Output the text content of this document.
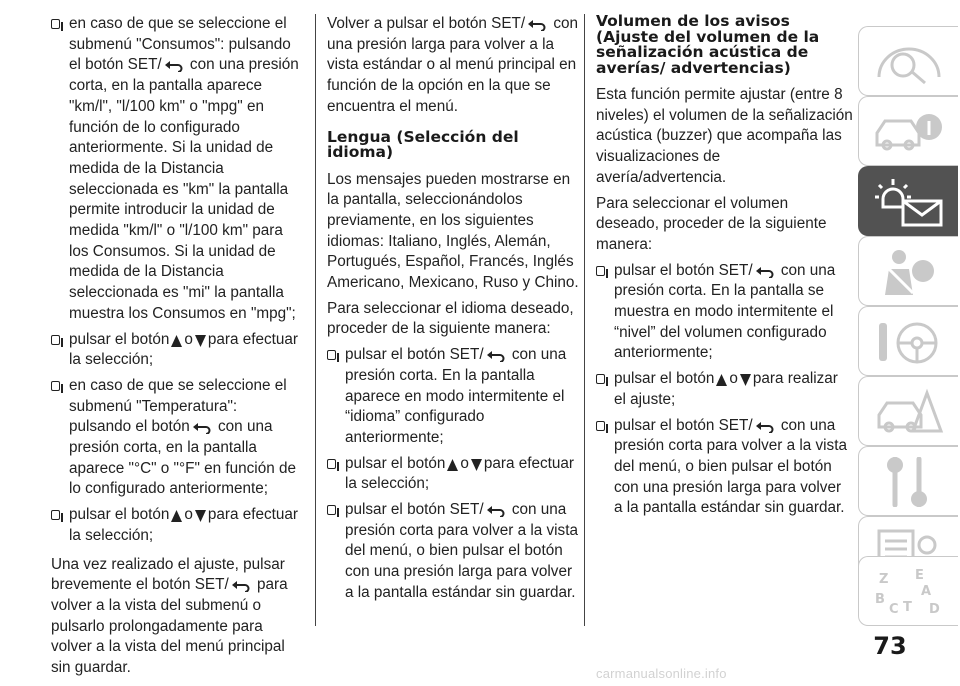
en caso de que se seleccione el submenú "Consumos": pulsando el botón SET/ con una presión corta, en la pantalla aparece "km/l", "l/100 km" o "mpg" en función de lo configurado anteriormente. Si la unidad de medida de la Distancia seleccionada es "km" la pantalla permite introducir la unidad de medida "km/l" o "l/100 km" para los Consumos. Si la unidad de medida de la Distancia seleccionada es "mi" la pantalla muestra los Consumos en "mpg";
pulsar el botón o para efectuar la selección;
en caso de que se seleccione el submenú "Temperatura": pulsando el botón con una presión corta, en la pantalla aparece "°C" o "°F" en función de lo configurado anteriormente;
pulsar el botón o para efectuar la selección;

Una vez realizado el ajuste, pulsar brevemente el botón SET/ para volver a la vista del submenú o pulsarlo prolongadamente para volver a la vista del menú principal sin guardar.

Volver a pulsar el botón SET/ con una presión larga para volver a la vista estándar o al menú principal en función de la opción en la que se encuentra el menú.

Lengua (Selección del idioma)

Los mensajes pueden mostrarse en la pantalla, seleccionándolos previamente, en los siguientes idiomas: Italiano, Inglés, Alemán, Portugués, Español, Francés, Inglés Americano, Mexicano, Ruso y Chino.

Para seleccionar el idioma deseado, proceder de la siguiente manera:

pulsar el botón SET/ con una presión corta. En la pantalla aparece en modo intermitente el “idioma” configurado anteriormente;
pulsar el botón o para efectuar la selección;
pulsar el botón SET/ con una presión corta para volver a la vista del menú, o bien pulsar el botón con una presión larga para volver a la pantalla estándar sin guardar.
Volumen de los avisos (Ajuste del volumen de la señalización acústica de averías/ advertencias)

Esta función permite ajustar (entre 8 niveles) el volumen de la señalización acústica (buzzer) que acompaña las visualizaciones de avería/advertencia.

Para seleccionar el volumen deseado, proceder de la siguiente manera:

pulsar el botón SET/ con una presión corta. En la pantalla se muestra en modo intermitente el “nivel” del volumen configurado anteriormente;
pulsar el botón o para realizar el ajuste;
pulsar el botón SET/ con una presión corta para volver a la vista del menú, o bien pulsar el botón con una presión larga para volver a la pantalla estándar sin guardar.
Z E
A
B
C T D
73
carmanualsonline.info
